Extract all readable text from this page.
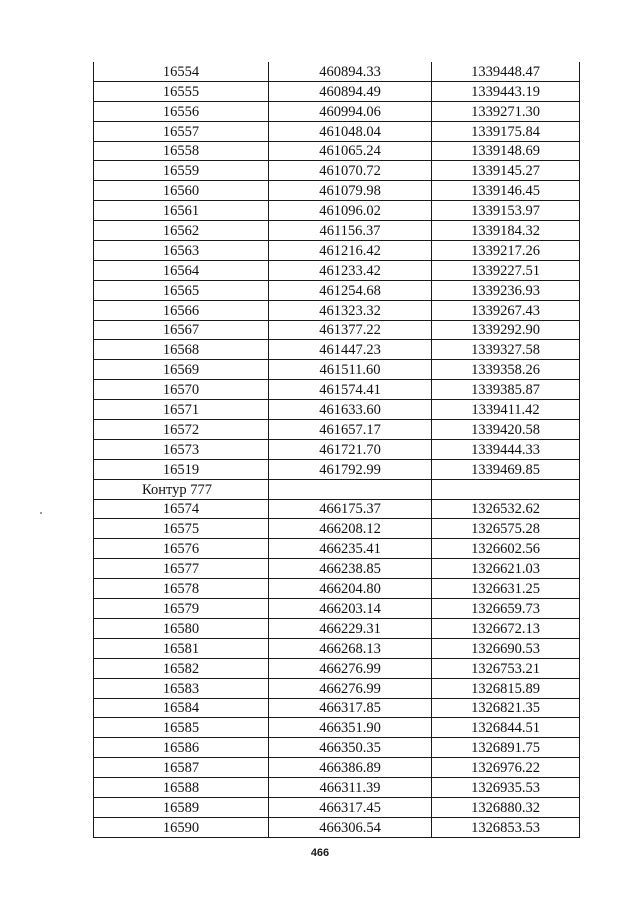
16554	460894.33	1339448.47
16555	460894.49	1339443.19
16556	460994.06	1339271.30
16557	461048.04	1339175.84
16558	461065.24	1339148.69
16559	461070.72	1339145.27
16560	461079.98	1339146.45
16561	461096.02	1339153.97
16562	461156.37	1339184.32
16563	461216.42	1339217.26
16564	461233.42	1339227.51
16565	461254.68	1339236.93
16566	461323.32	1339267.43
16567	461377.22	1339292.90
16568	461447.23	1339327.58
16569	461511.60	1339358.26
16570	461574.41	1339385.87
16571	461633.60	1339411.42
16572	461657.17	1339420.58
16573	461721.70	1339444.33
16519	461792.99	1339469.85
Контур 777		
16574	466175.37	1326532.62
16575	466208.12	1326575.28
16576	466235.41	1326602.56
16577	466238.85	1326621.03
16578	466204.80	1326631.25
16579	466203.14	1326659.73
16580	466229.31	1326672.13
16581	466268.13	1326690.53
16582	466276.99	1326753.21
16583	466276.99	1326815.89
16584	466317.85	1326821.35
16585	466351.90	1326844.51
16586	466350.35	1326891.75
16587	466386.89	1326976.22
16588	466311.39	1326935.53
16589	466317.45	1326880.32
16590	466306.54	1326853.53
466
